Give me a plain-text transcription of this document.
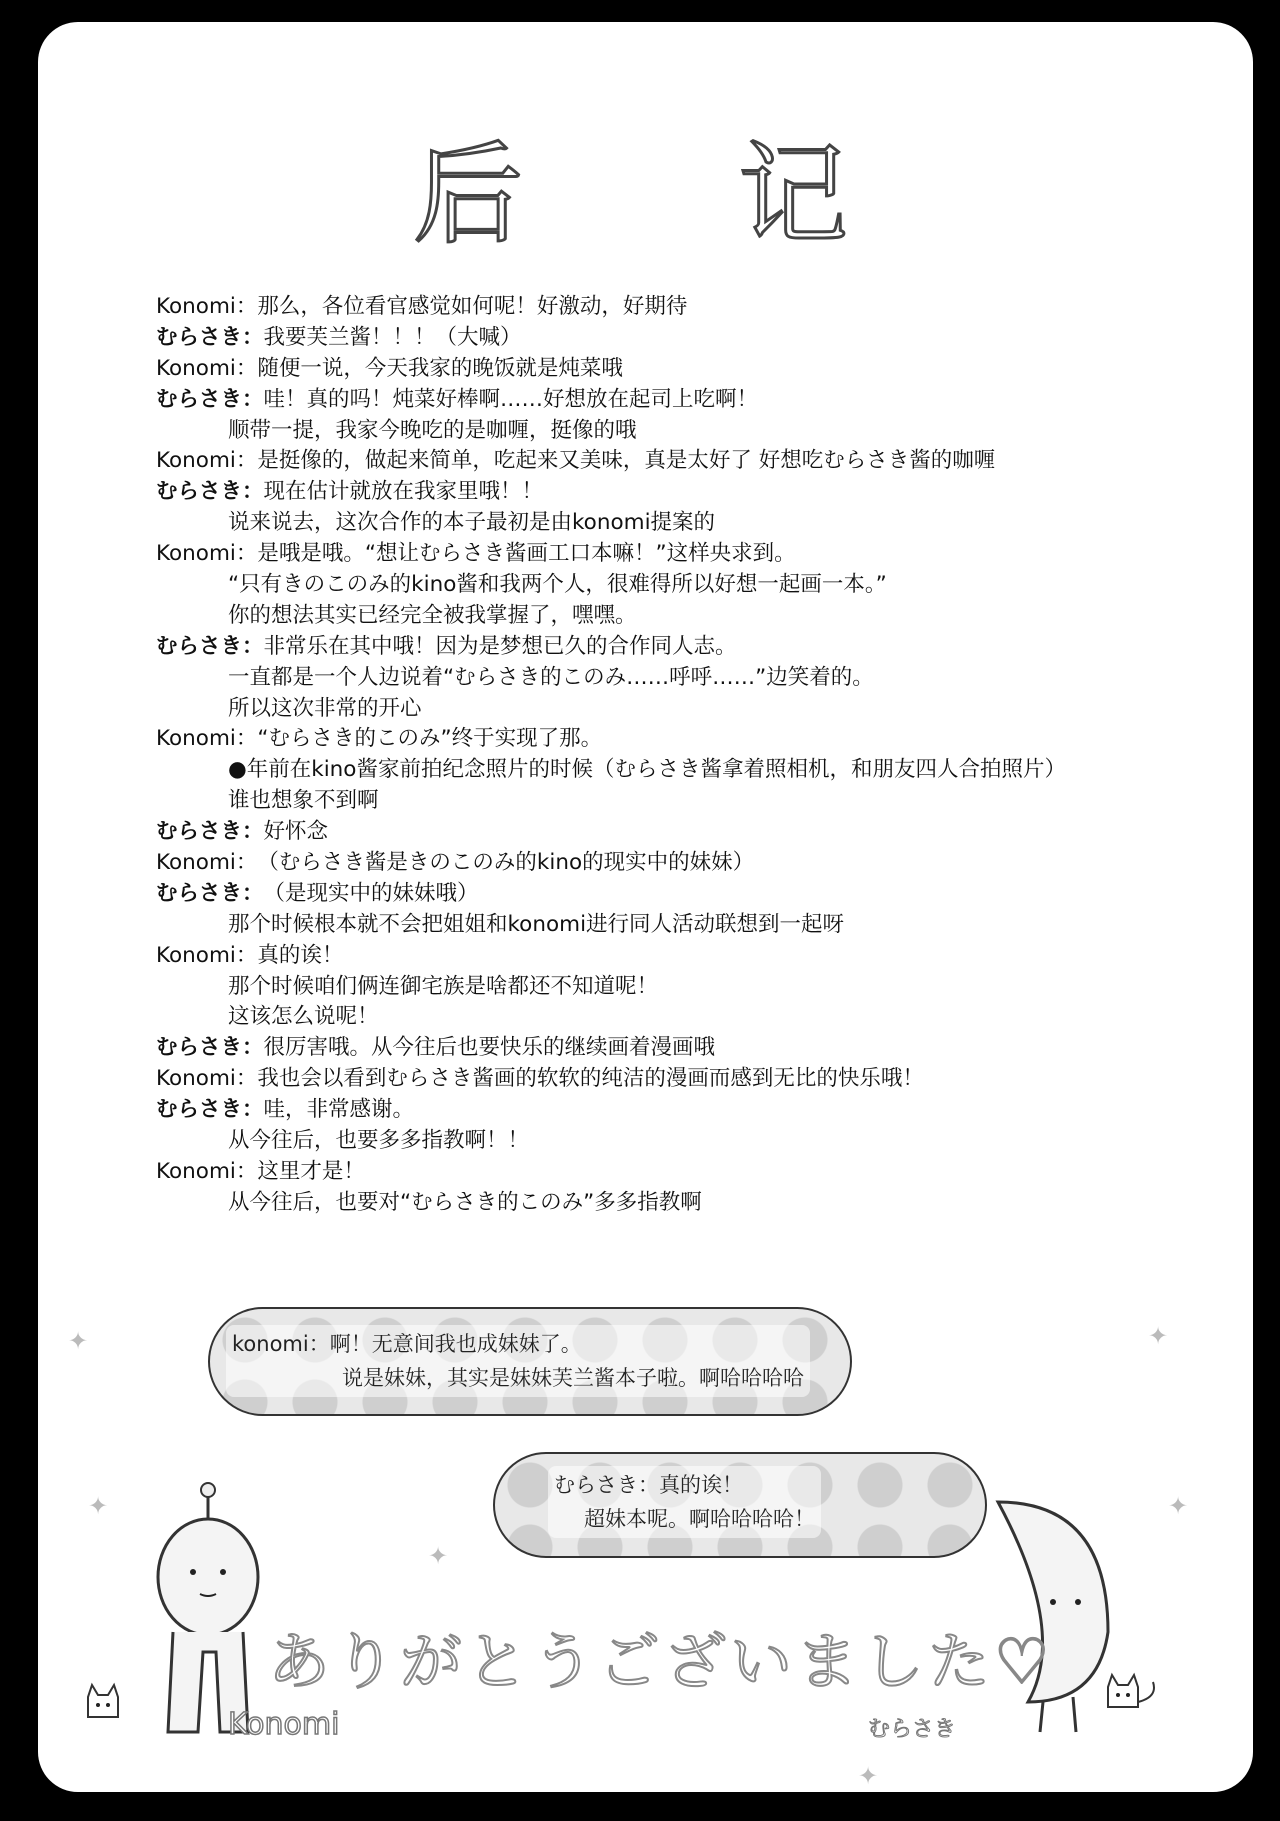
后 记
Konomi：那么，各位看官感觉如何呢！好激动，好期待
むらさき：我要芙兰酱！！！（大喊）
Konomi：随便一说，今天我家的晚饭就是炖菜哦
むらさき：哇！真的吗！炖菜好棒啊……好想放在起司上吃啊！
顺带一提，我家今晚吃的是咖喱，挺像的哦
Konomi：是挺像的，做起来简单，吃起来又美味，真是太好了 好想吃むらさき酱的咖喱
むらさき：现在估计就放在我家里哦！！
说来说去，这次合作的本子最初是由konomi提案的
Konomi：是哦是哦。“想让むらさき酱画工口本嘛！”这样央求到。
“只有きのこのみ的kino酱和我两个人，很难得所以好想一起画一本。”
你的想法其实已经完全被我掌握了，嘿嘿。
むらさき：非常乐在其中哦！因为是梦想已久的合作同人志。
一直都是一个人边说着“むらさき的このみ……呼呼……”边笑着的。
所以这次非常的开心
Konomi：“むらさき的このみ”终于实现了那。
●年前在kino酱家前拍纪念照片的时候（むらさき酱拿着照相机，和朋友四人合拍照片）
谁也想象不到啊
むらさき：好怀念
Konomi：（むらさき酱是きのこのみ的kino的现实中的妹妹）
むらさき：（是现实中的妹妹哦）
那个时候根本就不会把姐姐和konomi进行同人活动联想到一起呀
Konomi：真的诶！
那个时候咱们俩连御宅族是啥都还不知道呢！
这该怎么说呢！
むらさき：很厉害哦。从今往后也要快乐的继续画着漫画哦
Konomi：我也会以看到むらさき酱画的软软的纯洁的漫画而感到无比的快乐哦！
むらさき：哇，非常感谢。
从今往后，也要多多指教啊！！
Konomi：这里才是！
从今往后，也要对“むらさき的このみ”多多指教啊
✦	✦
✦
✦
✦
✦
konomi：啊！无意间我也成妹妹了。
说是妹妹，其实是妹妹芙兰酱本子啦。啊哈哈哈哈
むらさき：真的诶！
超妹本呢。啊哈哈哈哈！
ありがとうございました♡
Konomi	むらさき
